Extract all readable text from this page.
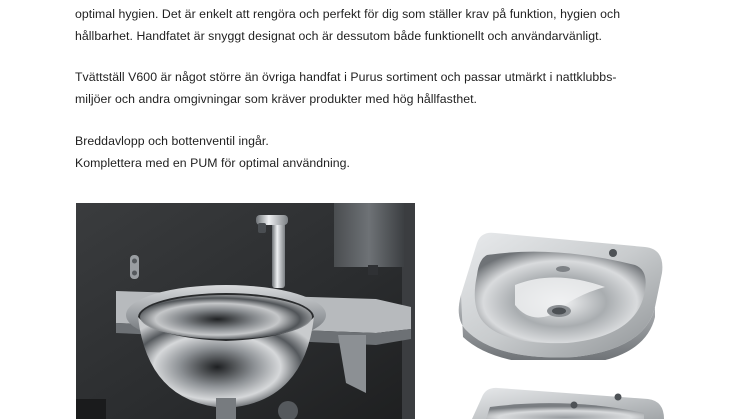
optimal hygien. Det är enkelt att rengöra och perfekt för dig som ställer krav på funktion, hygien och
hållbarhet. Handfatet är snyggt designat och är dessutom både funktionellt och användarvänligt.

Tvättställ V600 är något större än övriga handfat i Purus sortiment och passar utmärkt i nattklubbs-
miljöer och andra omgivningar som kräver produkter med hög hållfasthet.

Breddavlopp och bottenventil ingår.
Komplettera med en PUM för optimal användning.
